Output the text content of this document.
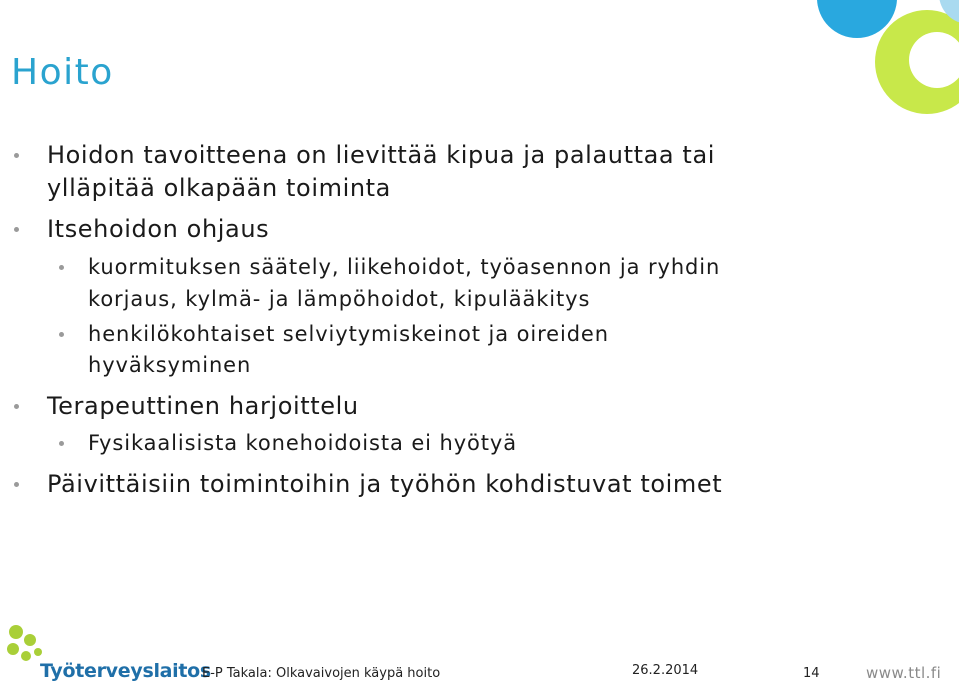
Hoito
Hoidon tavoitteena on lievittää kipua ja palauttaa tai
ylläpitää olkapään toiminta
Itsehoidon ohjaus
kuormituksen säätely, liikehoidot, työasennon ja ryhdin
korjaus, kylmä- ja lämpöhoidot, kipulääkitys
henkilökohtaiset selviytymiskeinot ja oireiden
hyväksyminen
Terapeuttinen harjoittelu
Fysikaalisista konehoidoista ei hyötyä
Päivittäisiin toimintoihin ja työhön kohdistuvat toimet
Työterveyslaitos
E-P Takala: Olkavaivojen käypä hoito	26.2.2014	14	www.ttl.fi
